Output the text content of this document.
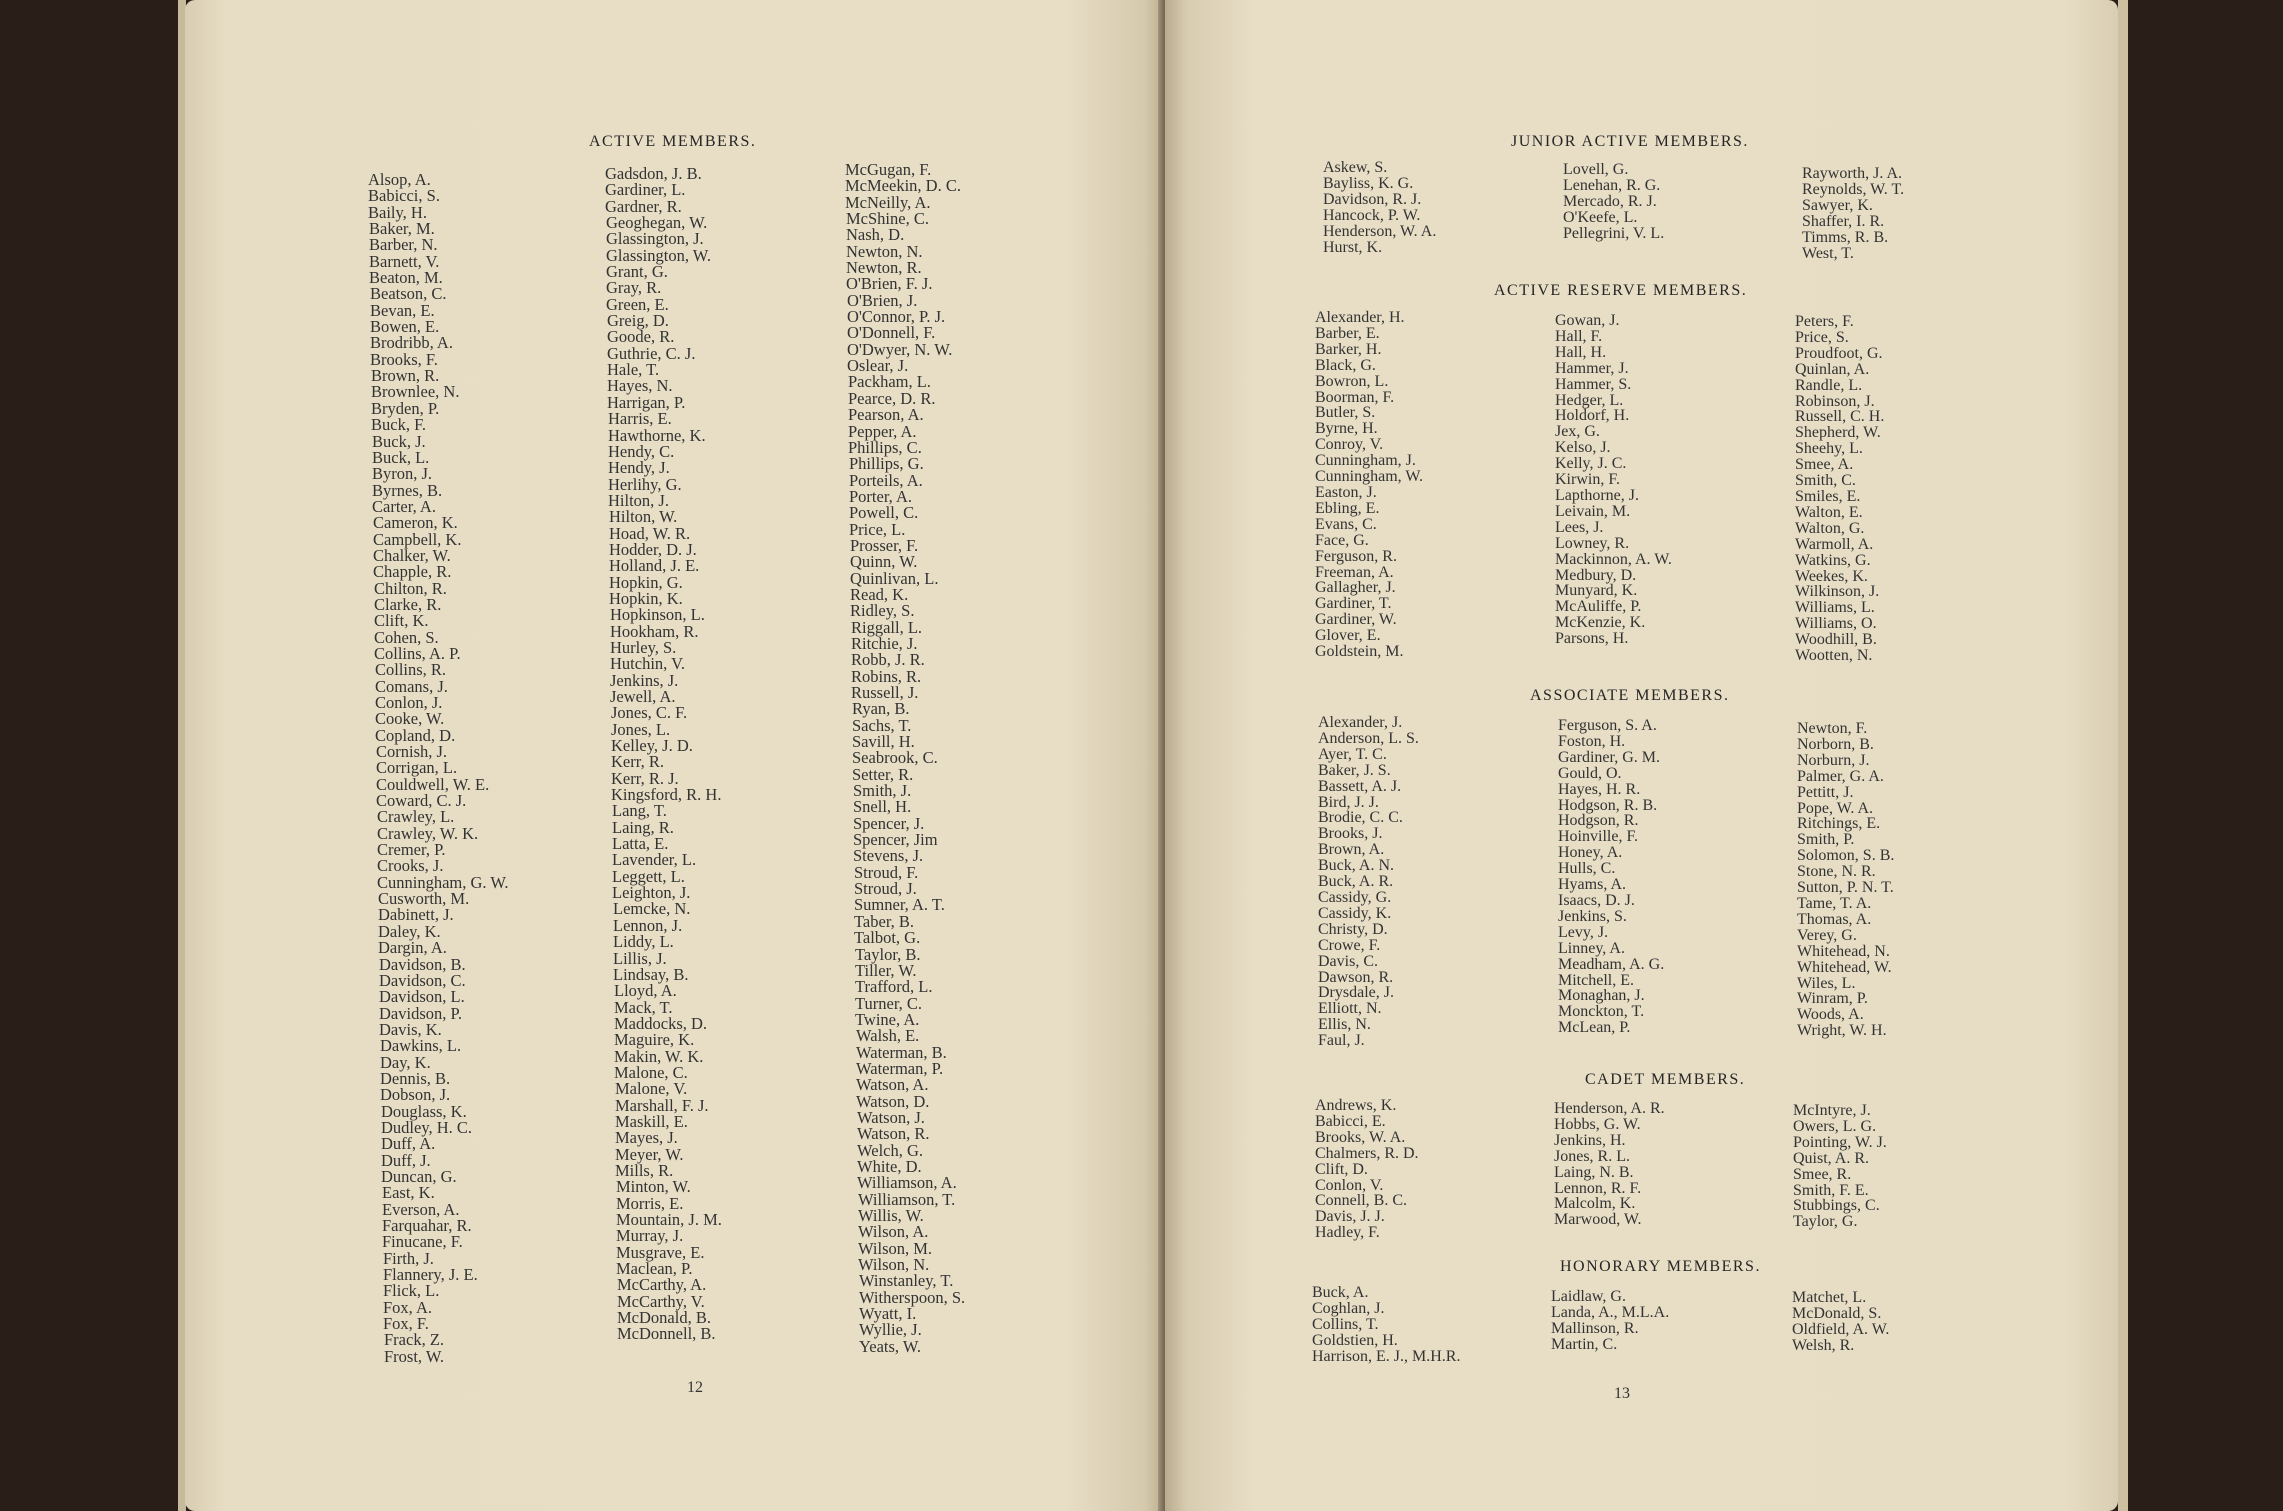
ACTIVE MEMBERS.
Alsop, A.
Babicci, S.
Baily, H.
Baker, M.
Barber, N.
Barnett, V.
Beaton, M.
Beatson, C.
Bevan, E.
Bowen, E.
Brodribb, A.
Brooks, F.
Brown, R.
Brownlee, N.
Bryden, P.
Buck, F.
Buck, J.
Buck, L.
Byron, J.
Byrnes, B.
Carter, A.
Cameron, K.
Campbell, K.
Chalker, W.
Chapple, R.
Chilton, R.
Clarke, R.
Clift, K.
Cohen, S.
Collins, A. P.
Collins, R.
Comans, J.
Conlon, J.
Cooke, W.
Copland, D.
Cornish, J.
Corrigan, L.
Couldwell, W. E.
Coward, C. J.
Crawley, L.
Crawley, W. K.
Cremer, P.
Crooks, J.
Cunningham, G. W.
Cusworth, M.
Dabinett, J.
Daley, K.
Dargin, A.
Davidson, B.
Davidson, C.
Davidson, L.
Davidson, P.
Davis, K.
Dawkins, L.
Day, K.
Dennis, B.
Dobson, J.
Douglass, K.
Dudley, H. C.
Duff, A.
Duff, J.
Duncan, G.
East, K.
Everson, A.
Farquahar, R.
Finucane, F.
Firth, J.
Flannery, J. E.
Flick, L.
Fox, A.
Fox, F.
Frack, Z.
Frost, W.
Gadsdon, J. B.
Gardiner, L.
Gardner, R.
Geoghegan, W.
Glassington, J.
Glassington, W.
Grant, G.
Gray, R.
Green, E.
Greig, D.
Goode, R.
Guthrie, C. J.
Hale, T.
Hayes, N.
Harrigan, P.
Harris, E.
Hawthorne, K.
Hendy, C.
Hendy, J.
Herlihy, G.
Hilton, J.
Hilton, W.
Hoad, W. R.
Hodder, D. J.
Holland, J. E.
Hopkin, G.
Hopkin, K.
Hopkinson, L.
Hookham, R.
Hurley, S.
Hutchin, V.
Jenkins, J.
Jewell, A.
Jones, C. F.
Jones, L.
Kelley, J. D.
Kerr, R.
Kerr, R. J.
Kingsford, R. H.
Lang, T.
Laing, R.
Latta, E.
Lavender, L.
Leggett, L.
Leighton, J.
Lemcke, N.
Lennon, J.
Liddy, L.
Lillis, J.
Lindsay, B.
Lloyd, A.
Mack, T.
Maddocks, D.
Maguire, K.
Makin, W. K.
Malone, C.
Malone, V.
Marshall, F. J.
Maskill, E.
Mayes, J.
Meyer, W.
Mills, R.
Minton, W.
Morris, E.
Mountain, J. M.
Murray, J.
Musgrave, E.
Maclean, P.
McCarthy, A.
McCarthy, V.
McDonald, B.
McDonnell, B.
McGugan, F.
McMeekin, D. C.
McNeilly, A.
McShine, C.
Nash, D.
Newton, N.
Newton, R.
O'Brien, F. J.
O'Brien, J.
O'Connor, P. J.
O'Donnell, F.
O'Dwyer, N. W.
Oslear, J.
Packham, L.
Pearce, D. R.
Pearson, A.
Pepper, A.
Phillips, C.
Phillips, G.
Porteils, A.
Porter, A.
Powell, C.
Price, L.
Prosser, F.
Quinn, W.
Quinlivan, L.
Read, K.
Ridley, S.
Riggall, L.
Ritchie, J.
Robb, J. R.
Robins, R.
Russell, J.
Ryan, B.
Sachs, T.
Savill, H.
Seabrook, C.
Setter, R.
Smith, J.
Snell, H.
Spencer, J.
Spencer, Jim
Stevens, J.
Stroud, F.
Stroud, J.
Sumner, A. T.
Taber, B.
Talbot, G.
Taylor, B.
Tiller, W.
Trafford, L.
Turner, C.
Twine, A.
Walsh, E.
Waterman, B.
Waterman, P.
Watson, A.
Watson, D.
Watson, J.
Watson, R.
Welch, G.
White, D.
Williamson, A.
Williamson, T.
Willis, W.
Wilson, A.
Wilson, M.
Wilson, N.
Winstanley, T.
Witherspoon, S.
Wyatt, I.
Wyllie, J.
Yeats, W.
12
JUNIOR ACTIVE MEMBERS.
Askew, S.
Bayliss, K. G.
Davidson, R. J.
Hancock, P. W.
Henderson, W. A.
Hurst, K.
Lovell, G.
Lenehan, R. G.
Mercado, R. J.
O'Keefe, L.
Pellegrini, V. L.
Rayworth, J. A.
Reynolds, W. T.
Sawyer, K.
Shaffer, I. R.
Timms, R. B.
West, T.
ACTIVE RESERVE MEMBERS.
Alexander, H.
Barber, E.
Barker, H.
Black, G.
Bowron, L.
Boorman, F.
Butler, S.
Byrne, H.
Conroy, V.
Cunningham, J.
Cunningham, W.
Easton, J.
Ebling, E.
Evans, C.
Face, G.
Ferguson, R.
Freeman, A.
Gallagher, J.
Gardiner, T.
Gardiner, W.
Glover, E.
Goldstein, M.
Gowan, J.
Hall, F.
Hall, H.
Hammer, J.
Hammer, S.
Hedger, L.
Holdorf, H.
Jex, G.
Kelso, J.
Kelly, J. C.
Kirwin, F.
Lapthorne, J.
Leivain, M.
Lees, J.
Lowney, R.
Mackinnon, A. W.
Medbury, D.
Munyard, K.
McAuliffe, P.
McKenzie, K.
Parsons, H.
Peters, F.
Price, S.
Proudfoot, G.
Quinlan, A.
Randle, L.
Robinson, J.
Russell, C. H.
Shepherd, W.
Sheehy, L.
Smee, A.
Smith, C.
Smiles, E.
Walton, E.
Walton, G.
Warmoll, A.
Watkins, G.
Weekes, K.
Wilkinson, J.
Williams, L.
Williams, O.
Woodhill, B.
Wootten, N.
ASSOCIATE MEMBERS.
Alexander, J.
Anderson, L. S.
Ayer, T. C.
Baker, J. S.
Bassett, A. J.
Bird, J. J.
Brodie, C. C.
Brooks, J.
Brown, A.
Buck, A. N.
Buck, A. R.
Cassidy, G.
Cassidy, K.
Christy, D.
Crowe, F.
Davis, C.
Dawson, R.
Drysdale, J.
Elliott, N.
Ellis, N.
Faul, J.
Ferguson, S. A.
Foston, H.
Gardiner, G. M.
Gould, O.
Hayes, H. R.
Hodgson, R. B.
Hodgson, R.
Hoinville, F.
Honey, A.
Hulls, C.
Hyams, A.
Isaacs, D. J.
Jenkins, S.
Levy, J.
Linney, A.
Meadham, A. G.
Mitchell, E.
Monaghan, J.
Monckton, T.
McLean, P.
Newton, F.
Norborn, B.
Norburn, J.
Palmer, G. A.
Pettitt, J.
Pope, W. A.
Ritchings, E.
Smith, P.
Solomon, S. B.
Stone, N. R.
Sutton, P. N. T.
Tame, T. A.
Thomas, A.
Verey, G.
Whitehead, N.
Whitehead, W.
Wiles, L.
Winram, P.
Woods, A.
Wright, W. H.
CADET MEMBERS.
Andrews, K.
Babicci, E.
Brooks, W. A.
Chalmers, R. D.
Clift, D.
Conlon, V.
Connell, B. C.
Davis, J. J.
Hadley, F.
Henderson, A. R.
Hobbs, G. W.
Jenkins, H.
Jones, R. L.
Laing, N. B.
Lennon, R. F.
Malcolm, K.
Marwood, W.
McIntyre, J.
Owers, L. G.
Pointing, W. J.
Quist, A. R.
Smee, R.
Smith, F. E.
Stubbings, C.
Taylor, G.
HONORARY MEMBERS.
Buck, A.
Coghlan, J.
Collins, T.
Goldstien, H.
Harrison, E. J., M.H.R.
Laidlaw, G.
Landa, A., M.L.A.
Mallinson, R.
Martin, C.
Matchet, L.
McDonald, S.
Oldfield, A. W.
Welsh, R.
13
